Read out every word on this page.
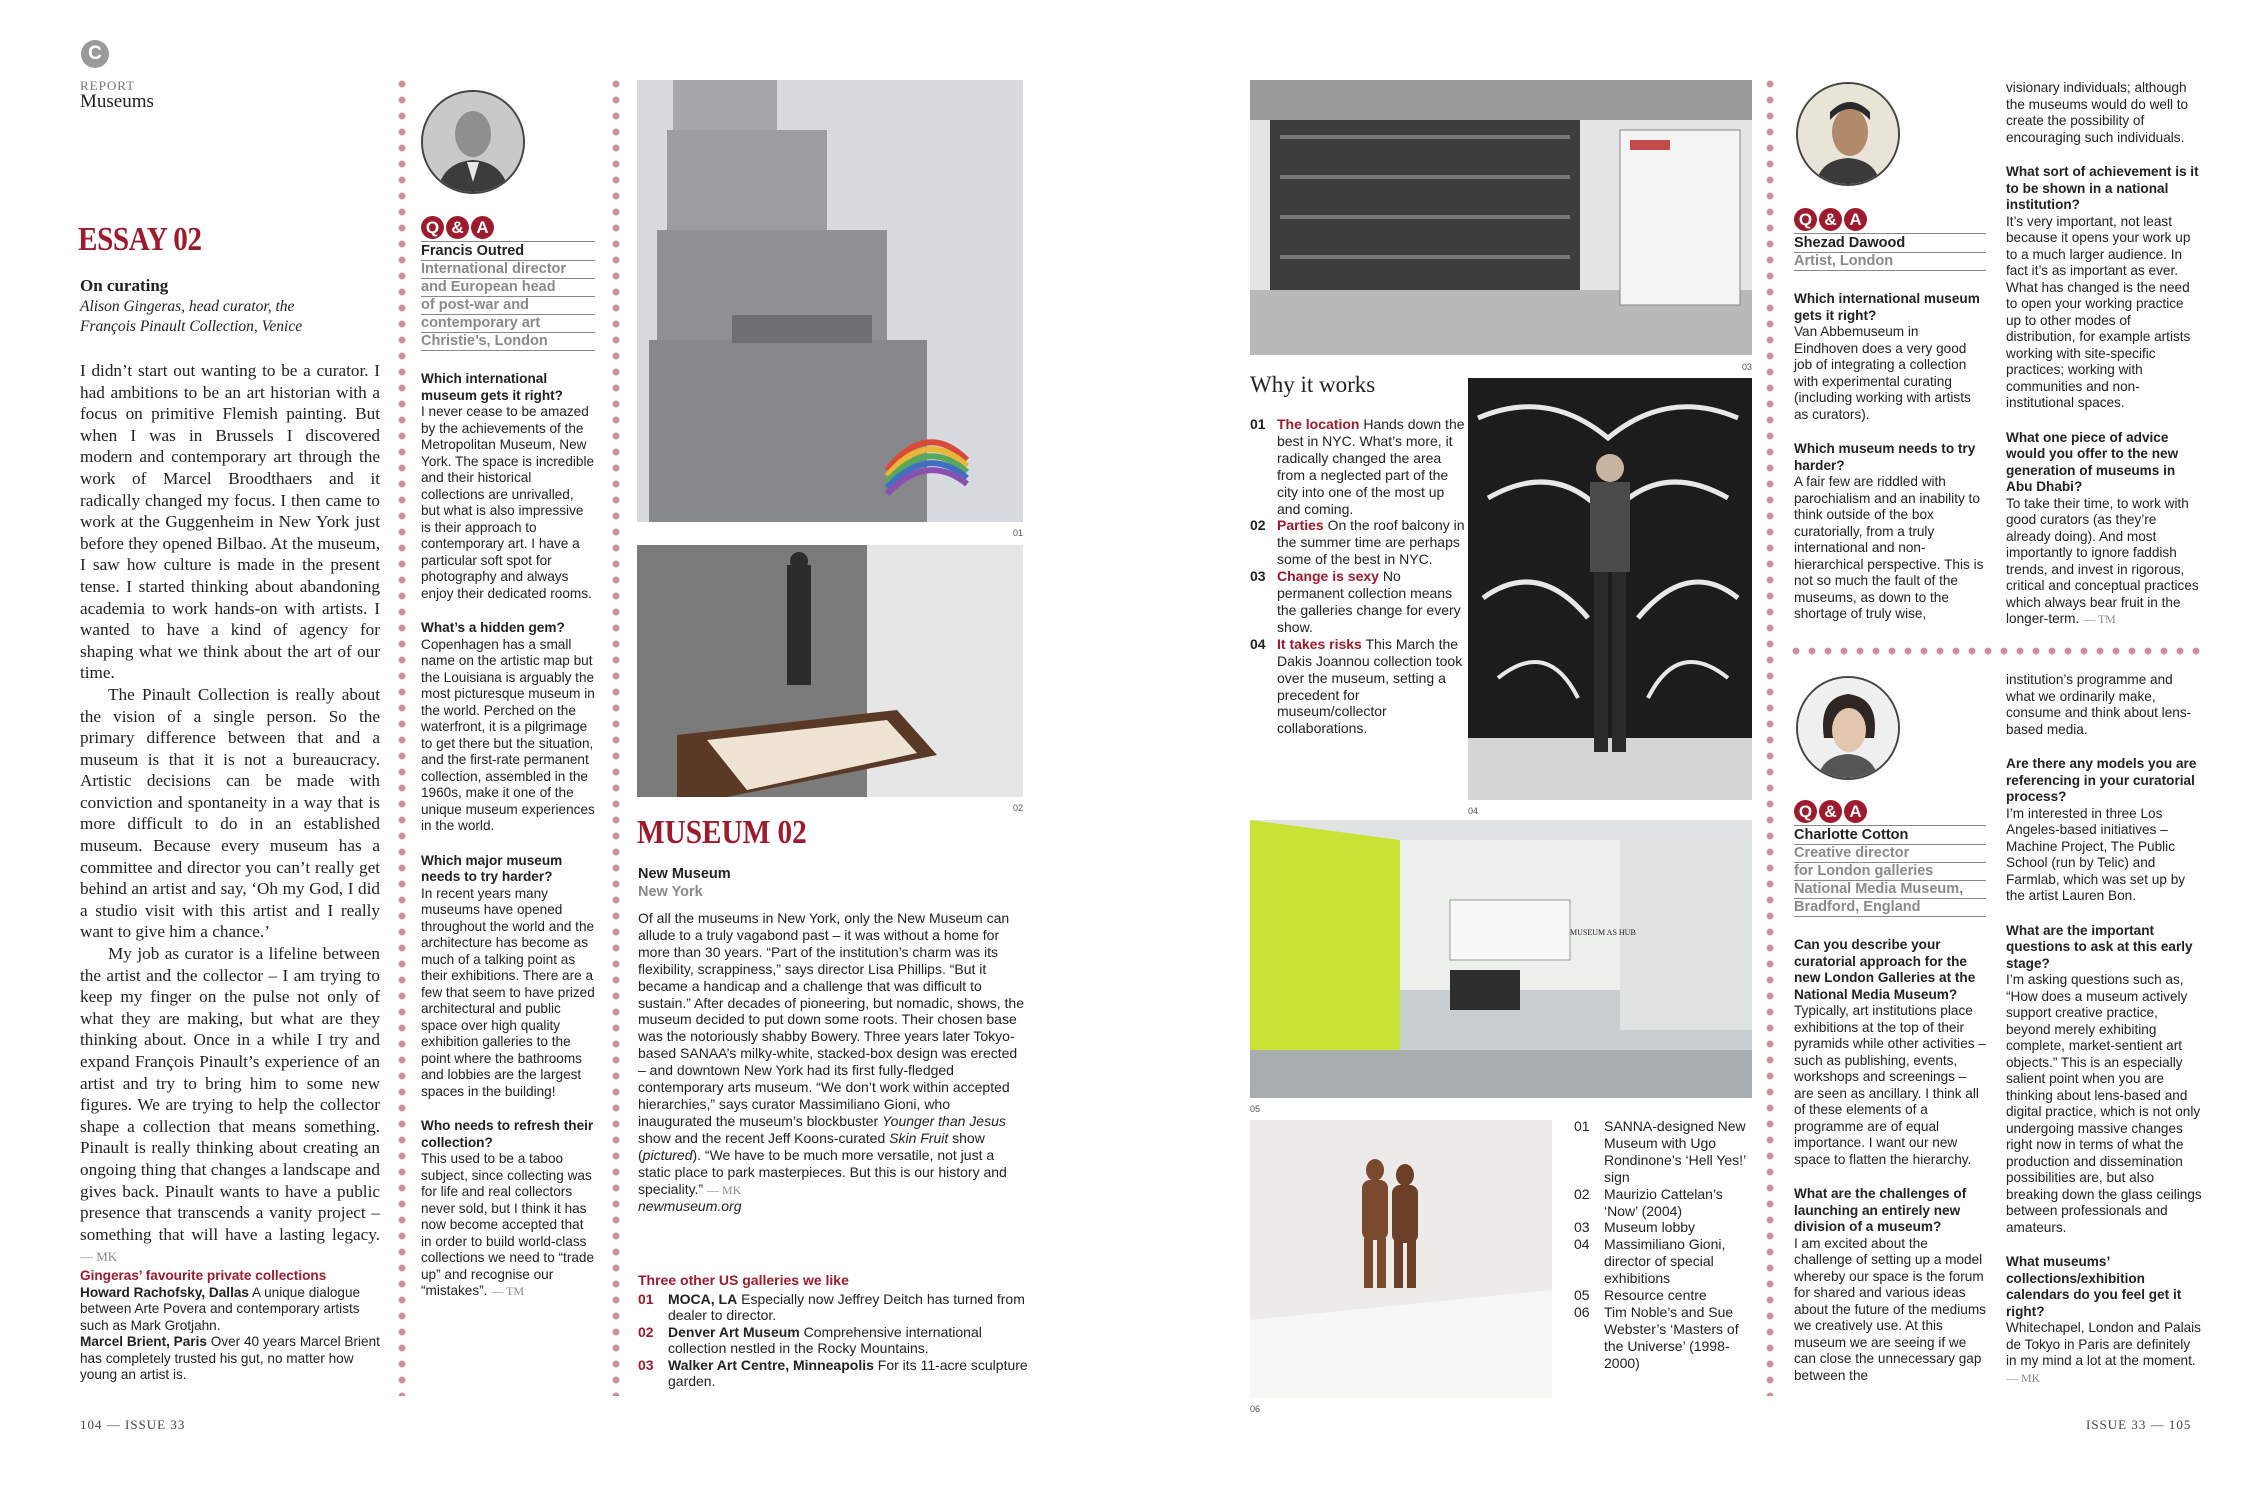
C
REPORT
Museums
ESSAY 02
On curating
Alison Gingeras, head curator, the
François Pinault Collection, Venice

I didn’t start out wanting to be a curator. I had ambitions to be an art historian with a focus on primitive Flemish painting. But when I was in Brussels I discovered modern and contemporary art through the work of Marcel Broodthaers and it radically changed my focus. I then came to work at the Guggenheim in New York just before they opened Bilbao. At the museum, I saw how culture is made in the present tense. I started thinking about abandoning academia to work hands-on with artists. I wanted to have a kind of agency for shaping what we think about the art of our time.

The Pinault Collection is really about the vision of a single person. So the primary difference between that and a museum is that it is not a bureaucracy. Artistic decisions can be made with conviction and spontaneity in a way that is more difficult to do in an established museum. Because every museum has a committee and director you can’t really get behind an artist and say, ‘Oh my God, I did a studio visit with this artist and I really want to give him a chance.’

My job as curator is a lifeline between the artist and the collector – I am trying to keep my finger on the pulse not only of what they are making, but what are they thinking about. Once in a while I try and expand François Pinault’s experience of an artist and try to bring him to some new figures. We are trying to help the collector shape a collection that means something. Pinault is really thinking about creating an ongoing thing that changes a landscape and gives back. Pinault wants to have a public presence that transcends a vanity project – something that will have a lasting legacy. — MK

Gingeras’ favourite private collections
Howard Rachofsky, Dallas A unique dialogue between Arte Povera and contemporary artists such as Mark Grotjahn.
Marcel Brient, Paris Over 40 years Marcel Brient has completely trusted his gut, no matter how young an artist is.
104 — ISSUE 33
Q & A
Francis Outred
International director
and European head
of post-war and
contemporary art
Christie’s, London

Which international museum gets it right?
I never cease to be amazed by the achievements of the Metropolitan Museum, New York. The space is incredible and their historical collections are unrivalled, but what is also impressive is their approach to contemporary art. I have a particular soft spot for photography and always enjoy their dedicated rooms.

What’s a hidden gem?
Copenhagen has a small name on the artistic map but the Louisiana is arguably the most picturesque museum in the world. Perched on the waterfront, it is a pilgrimage to get there but the situation, and the first-rate permanent collection, assembled in the 1960s, make it one of the unique museum experiences in the world.

Which major museum needs to try harder?
In recent years many museums have opened throughout the world and the architecture has become as much of a talking point as their exhibitions. There are a few that seem to have prized architectural and public space over high quality exhibition galleries to the point where the bathrooms and lobbies are the largest spaces in the building!

Who needs to refresh their collection?
This used to be a taboo subject, since collecting was for life and real collectors never sold, but I think it has now become accepted that in order to build world-class collections we need to “trade up” and recognise our “mistakes”. — TM

01
02
MUSEUM 02
New Museum
New York
Of all the museums in New York, only the New Museum can allude to a truly vagabond past – it was without a home for more than 30 years. “Part of the institution’s charm was its flexibility, scrappiness,” says director Lisa Phillips. “But it became a handicap and a challenge that was difficult to sustain.” After decades of pioneering, but nomadic, shows, the museum decided to put down some roots. Their chosen base was the notoriously shabby Bowery. Three years later Tokyo-based SANAA’s milky-white, stacked-box design was erected – and downtown New York had its first fully-fledged contemporary arts museum. “We don’t work within accepted hierarchies,” says curator Massimiliano Gioni, who inaugurated the museum’s blockbuster Younger than Jesus show and the recent Jeff Koons-curated Skin Fruit show (pictured). “We have to be much more versatile, not just a static place to park masterpieces. But this is our history and speciality.” — MK
newmuseum.org
Three other US galleries we like
01	MOCA, LA Especially now Jeffrey Deitch has turned from dealer to director.
02	Denver Art Museum Comprehensive international collection nestled in the Rocky Mountains.
03	Walker Art Centre, Minneapolis For its 11-acre sculpture garden.
03
Why it works
01 The location Hands down the best in NYC. What’s more, it radically changed the area from a neglected part of the city into one of the most up and coming.
02 Parties On the roof balcony in the summer time are perhaps some of the best in NYC.
03 Change is sexy No permanent collection means the galleries change for every show.
04 It takes risks This March the Dakis Joannou collection took over the museum, setting a precedent for museum/collector collaborations.
04
MUSEUM AS HUB
05
06
01	SANNA-designed New Museum with Ugo Rondinone’s ‘Hell Yes!’ sign
02	Maurizio Cattelan’s ‘Now’ (2004)
03	Museum lobby
04	Massimiliano Gioni, director of special exhibitions
05	Resource centre
06	Tim Noble’s and Sue Webster’s ‘Masters of the Universe’ (1998-2000)
Q & A
Shezad Dawood
Artist, London

Which international museum gets it right?
Van Abbemuseum in Eindhoven does a very good job of integrating a collection with experimental curating (including working with artists as curators).

Which museum needs to try harder?
A fair few are riddled with parochialism and an inability to think outside of the box curatorially, from a truly international and non-hierarchical perspective. This is not so much the fault of the museums, as down to the shortage of truly wise,

visionary individuals; although the museums would do well to create the possibility of encouraging such individuals.

What sort of achievement is it to be shown in a national institution?
It’s very important, not least because it opens your work up to a much larger audience. In fact it’s as important as ever. What has changed is the need to open your working practice up to other modes of distribution, for example artists working with site-specific practices; working with communities and non-institutional spaces.

What one piece of advice would you offer to the new generation of museums in Abu Dhabi?
To take their time, to work with good curators (as they’re already doing). And most importantly to ignore faddish trends, and invest in rigorous, critical and conceptual practices which always bear fruit in the longer-term. — TM

Q & A
Charlotte Cotton
Creative director
for London galleries
National Media Museum,
Bradford, England

Can you describe your curatorial approach for the new London Galleries at the National Media Museum?
Typically, art institutions place exhibitions at the top of their pyramids while other activities – such as publishing, events, workshops and screenings – are seen as ancillary. I think all of these elements of a programme are of equal importance. I want our new space to flatten the hierarchy.

What are the challenges of launching an entirely new division of a museum?
I am excited about the challenge of setting up a model whereby our space is the forum for shared and various ideas about the future of the mediums we creatively use. At this museum we are seeing if we can close the unnecessary gap between the

institution’s programme and what we ordinarily make, consume and think about lens-based media.

Are there any models you are referencing in your curatorial process?
I’m interested in three Los Angeles-based initiatives – Machine Project, The Public School (run by Telic) and Farmlab, which was set up by the artist Lauren Bon.

What are the important questions to ask at this early stage?
I’m asking questions such as, “How does a museum actively support creative practice, beyond merely exhibiting complete, market-sentient art objects.” This is an especially salient point when you are thinking about lens-based and digital practice, which is not only undergoing massive changes right now in terms of what the production and dissemination possibilities are, but also breaking down the glass ceilings between professionals and amateurs.

What museums’ collections/exhibition calendars do you feel get it right?
Whitechapel, London and Palais de Tokyo in Paris are definitely in my mind a lot at the moment. — MK

ISSUE 33 — 105
